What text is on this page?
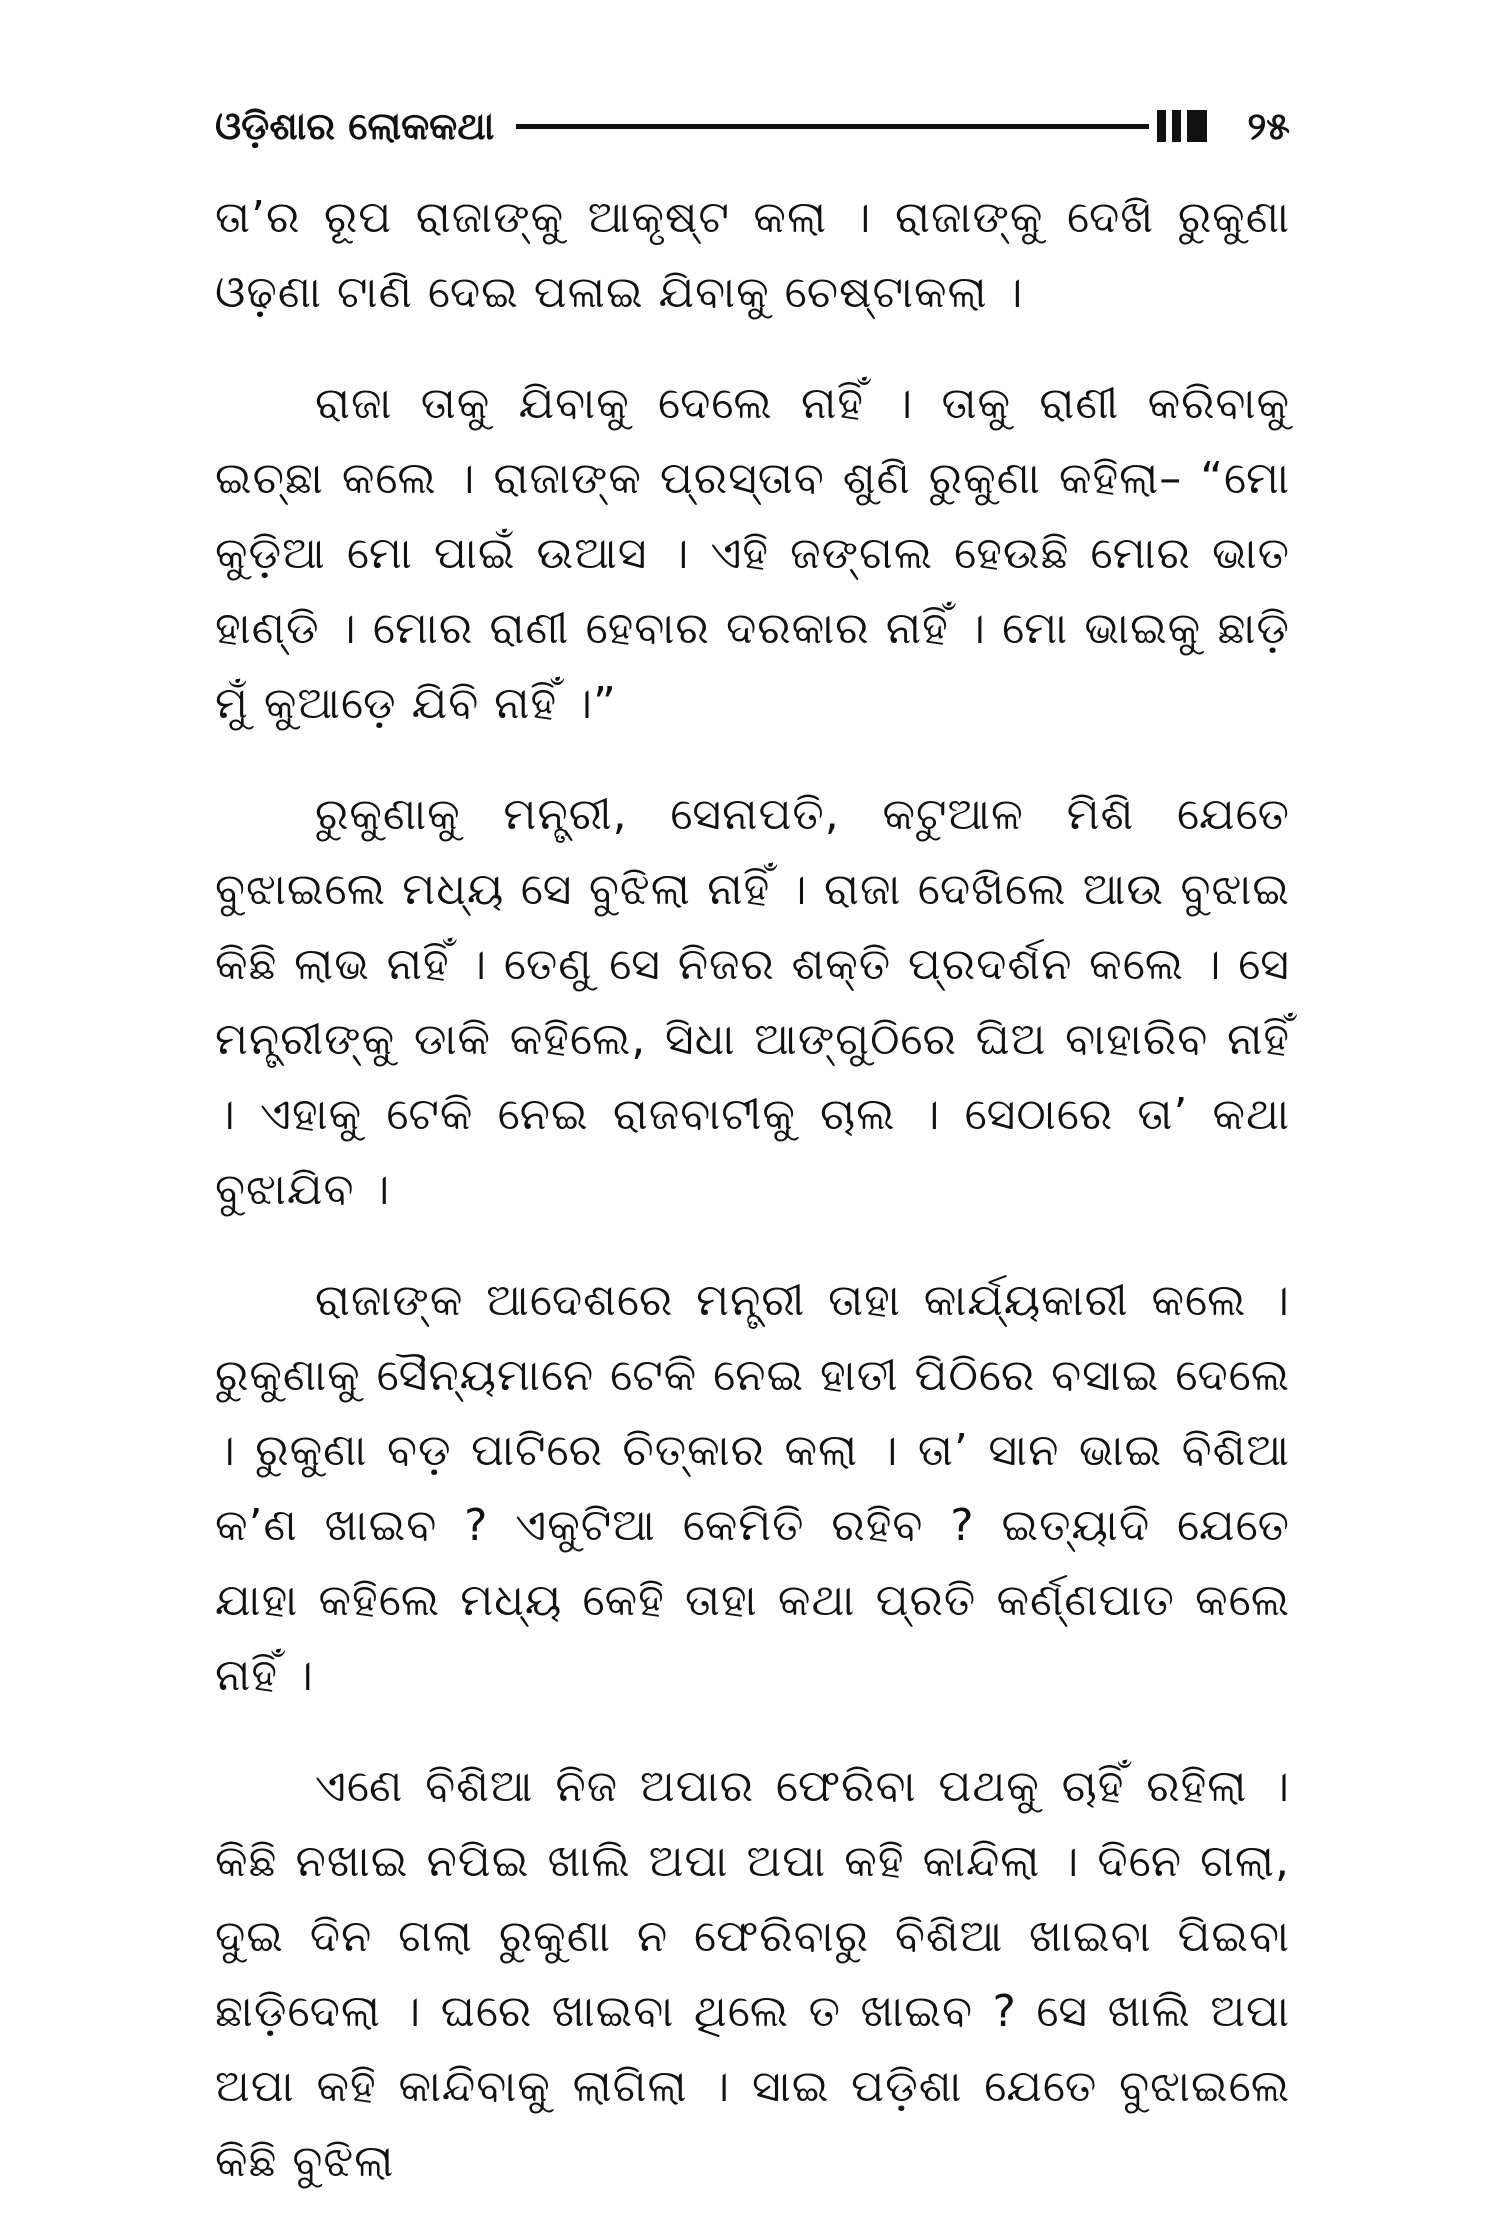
ଓଡ଼ିଶାର ଲୋକକଥା	୨୫

ତା’ର ରୂପ ରାଜାଙ୍କୁ ଆକୃଷ୍ଟ କଲା । ରାଜାଙ୍କୁ ଦେଖି ରୁକୁଣା ଓଢ଼ଣା ଟାଣି ଦେଇ ପଳାଇ ଯିବାକୁ ଚେଷ୍ଟାକଲା ।

ରାଜା ତାକୁ ଯିବାକୁ ଦେଲେ ନାହିଁ । ତାକୁ ରାଣୀ କରିବାକୁ ଇଚ୍ଛା କଲେ । ରାଜାଙ୍କ ପ୍ରସ୍ତାବ ଶୁଣି ରୁକୁଣା କହିଲା– “ମୋ କୁଡ଼ିଆ ମୋ ପାଇଁ ଉଆସ । ଏହି ଜଙ୍ଗଲ ହେଉଛି ମୋର ଭାତ ହାଣ୍ଡି । ମୋର ରାଣୀ ହେବାର ଦରକାର ନାହିଁ । ମୋ ଭାଇକୁ ଛାଡ଼ି ମୁଁ କୁଆଡ଼େ ଯିବି ନାହିଁ ।”

ରୁକୁଣାକୁ ମନ୍ତ୍ରୀ, ସେନାପତି, କଟୁଆଳ ମିଶି ଯେତେ ବୁଝାଇଲେ ମଧ୍ୟ ସେ ବୁଝିଲା ନାହିଁ । ରାଜା ଦେଖିଲେ ଆଉ ବୁଝାଇ କିଛି ଲାଭ ନାହିଁ । ତେଣୁ ସେ ନିଜର ଶକ୍ତି ପ୍ରଦର୍ଶନ କଲେ । ସେ ମନ୍ତ୍ରୀଙ୍କୁ ଡାକି କହିଲେ, ସିଧା ଆଙ୍ଗୁଠିରେ ଘିଅ ବାହାରିବ ନାହିଁ । ଏହାକୁ ଟେକି ନେଇ ରାଜବାଟୀକୁ ଚାଲ । ସେଠାରେ ତା’ କଥା ବୁଝାଯିବ ।

ରାଜାଙ୍କ ଆଦେଶରେ ମନ୍ତ୍ରୀ ତାହା କାର୍ଯ୍ୟକାରୀ କଲେ । ରୁକୁଣାକୁ ସୈନ୍ୟମାନେ ଟେକି ନେଇ ହାତୀ ପିଠିରେ ବସାଇ ଦେଲେ । ରୁକୁଣା ବଡ଼ ପାଟିରେ ଚିତ୍କାର କଲା । ତା’ ସାନ ଭାଇ ବିଶିଆ କ’ଣ ଖାଇବ ? ଏକୁଟିଆ କେମିତି ରହିବ ? ଇତ୍ୟାଦି ଯେତେ ଯାହା କହିଲେ ମଧ୍ୟ କେହି ତାହା କଥା ପ୍ରତି କର୍ଣ୍ଣପାତ କଲେ ନାହିଁ ।

ଏଣେ ବିଶିଆ ନିଜ ଅପାର ଫେରିବା ପଥକୁ ଚାହିଁ ରହିଲା । କିଛି ନଖାଇ ନପିଇ ଖାଲି ଅପା ଅପା କହି କାନ୍ଦିଲା । ଦିନେ ଗଲା, ଦୁଇ ଦିନ ଗଲା ରୁକୁଣା ନ ଫେରିବାରୁ ବିଶିଆ ଖାଇବା ପିଇବା ଛାଡ଼ିଦେଲା । ଘରେ ଖାଇବା ଥିଲେ ତ ଖାଇବ ? ସେ ଖାଲି ଅପା ଅପା କହି କାନ୍ଦିବାକୁ ଲାଗିଲା । ସାଇ ପଡ଼ିଶା ଯେତେ ବୁଝାଇଲେ କିଛି ବୁଝିଲା
